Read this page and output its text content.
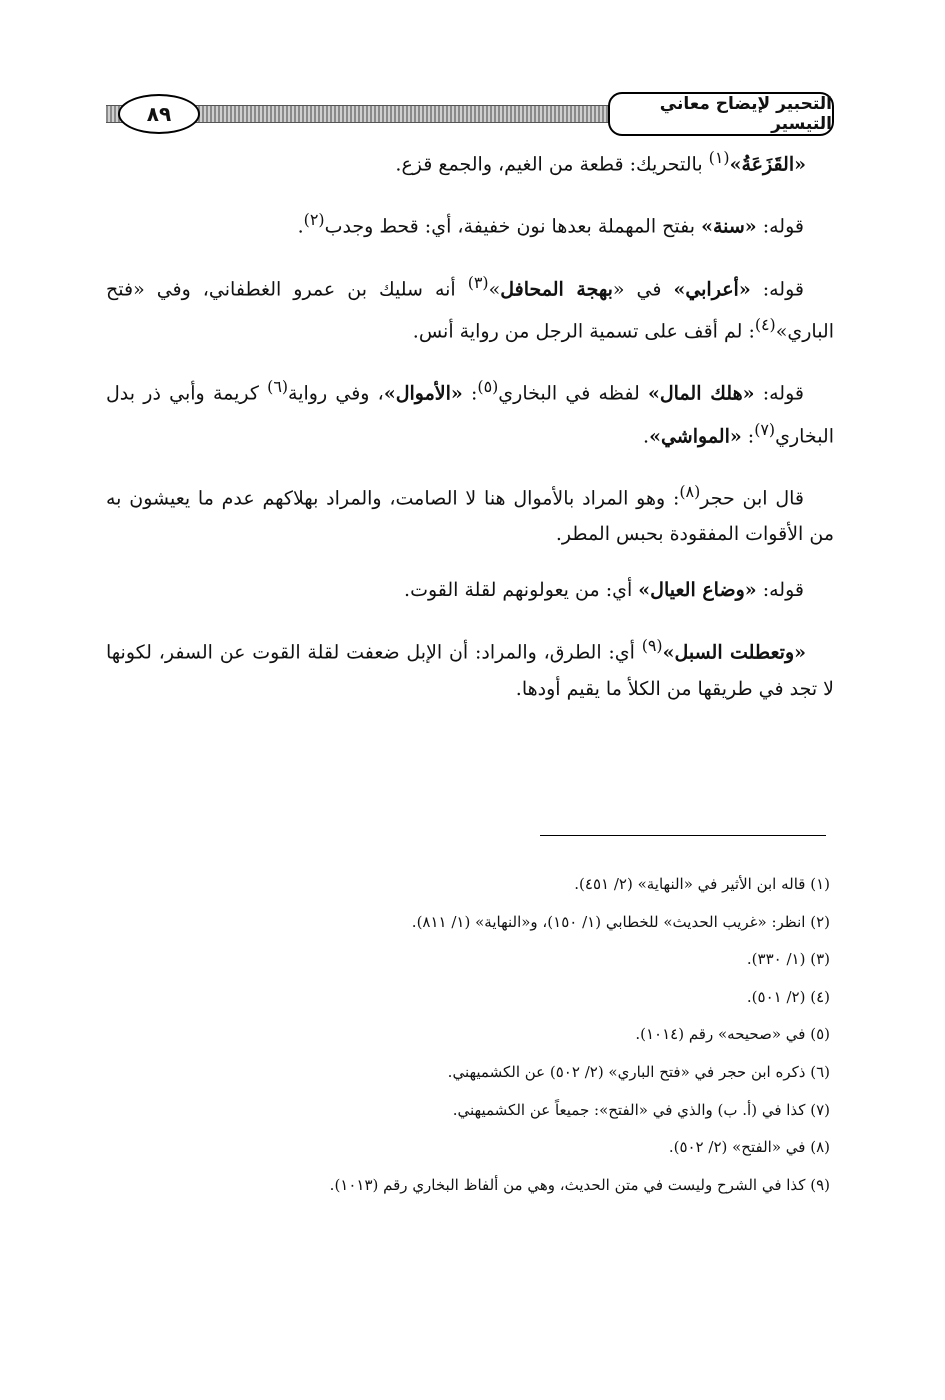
٨٩	التحبير لإيضاح معاني التيسير

«القَزَعَةُ»$^{(١)}$ بالتحريك: قطعة من الغيم، والجمع قزع.

قوله: «سنة» بفتح المهملة بعدها نون خفيفة، أي: قحط وجدب$^{(٢)}$.

قوله: «أعرابي» في «بهجة المحافل»$^{(٣)}$ أنه سليك بن عمرو الغطفاني، وفي «فتح الباري»$^{(٤)}$: لم أقف على تسمية الرجل من رواية أنس.

قوله: «هلك المال» لفظه في البخاري$^{(٥)}$: «الأموال»، وفي رواية$^{(٦)}$ كريمة وأبي ذر بدل البخاري$^{(٧)}$: «المواشي».

قال ابن حجر$^{(٨)}$: وهو المراد بالأموال هنا لا الصامت، والمراد بهلاكهم عدم ما يعيشون به من الأقوات المفقودة بحبس المطر.

قوله: «وضاع العيال» أي: من يعولونهم لقلة القوت.

«وتعطلت السبل»$^{(٩)}$ أي: الطرق، والمراد: أن الإبل ضعفت لقلة القوت عن السفر، لكونها لا تجد في طريقها من الكلأ ما يقيم أودها.

(١) قاله ابن الأثير في «النهاية» (٢/ ٤٥١).

(٢) انظر: «غريب الحديث» للخطابي (١/ ١٥٠)، و«النهاية» (١/ ٨١١).

(٣) (١/ ٣٣٠).

(٤) (٢/ ٥٠١).

(٥) في «صحيحه» رقم (١٠١٤).

(٦) ذكره ابن حجر في «فتح الباري» (٢/ ٥٠٢) عن الكشميهني.

(٧) كذا في (أ. ب) والذي في «الفتح»: جميعاً عن الكشميهني.

(٨) في «الفتح» (٢/ ٥٠٢).

(٩) كذا في الشرح وليست في متن الحديث، وهي من ألفاظ البخاري رقم (١٠١٣).
